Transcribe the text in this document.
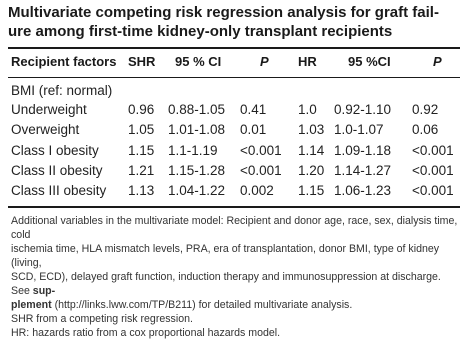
Multivariate competing risk regression analysis for graft fail-
ure among first-time kidney-only transplant recipients
Recipient factors SHR 95 % CI	P HR 95 %CI	P
BMI (ref: normal)
Underweight	0.96 0.88-1.05 0.41 1.0 0.92-1.10 0.92
Overweight	1.05 1.01-1.08 0.01 1.03 1.0-1.07 0.06
Class I obesity 1.15 1.1-1.19 <0.001 1.14 1.09-1.18 <0.001
Class II obesity 1.21 1.15-1.28 <0.001 1.20 1.14-1.27 <0.001
Class III obesity 1.13 1.04-1.22 0.002 1.15 1.06-1.23 <0.001

Additional variables in the multivariate model: Recipient and donor age, race, sex, dialysis time, cold

ischemia time, HLA mismatch levels, PRA, era of transplantation, donor BMI, type of kidney (living,

SCD, ECD), delayed graft function, induction therapy and immunosuppression at discharge. See sup-

plement (http://links.lww.com/TP/B211) for detailed multivariate analysis.

SHR from a competing risk regression.

HR: hazards ratio from a cox proportional hazards model.
